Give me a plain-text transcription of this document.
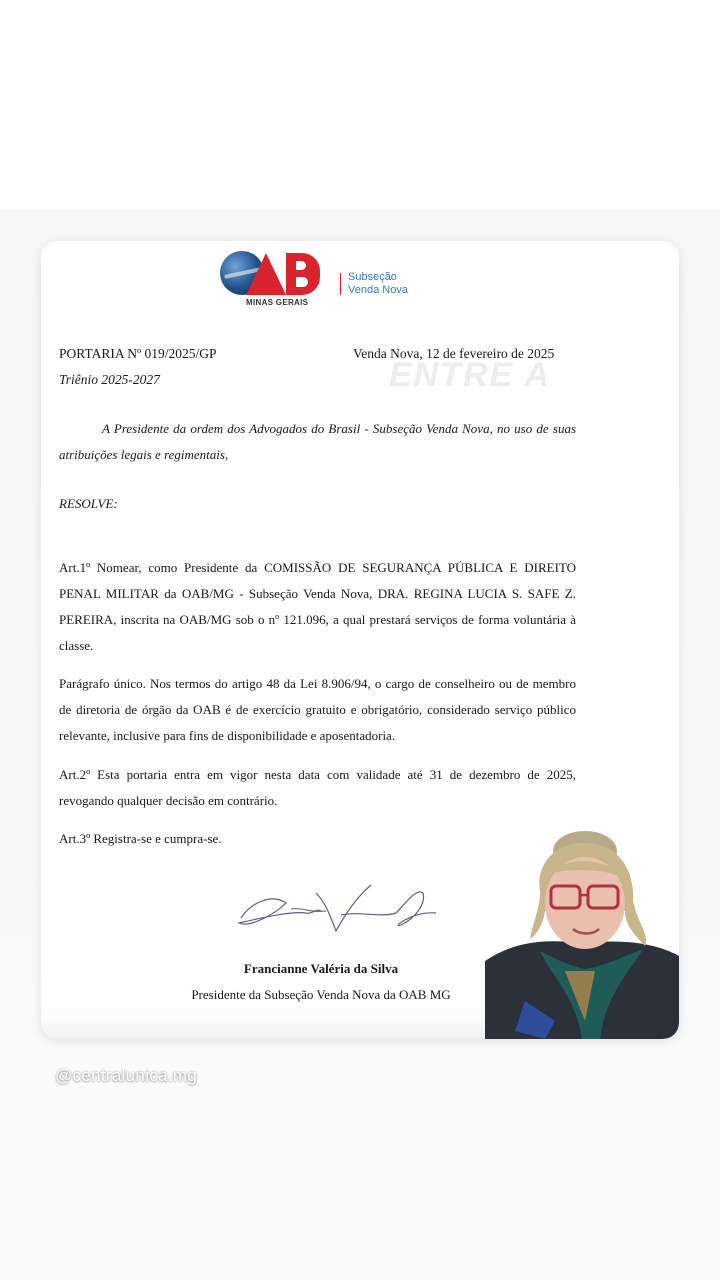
MINAS GERAIS
Subseção
Venda Nova
PORTARIA Nº 019/2025/GP
Triênio 2025-2027
Venda Nova, 12 de fevereiro de 2025
ENTRE A
A Presidente da ordem dos Advogados do Brasil - Subseção Venda Nova, no uso de suas atribuições legais e regimentais,
RESOLVE:
Art.1º Nomear, como Presidente da COMISSÃO DE SEGURANÇA PÚBLICA E DIREITO PENAL MILITAR da OAB/MG - Subseção Venda Nova, DRA. REGINA LUCIA S. SAFE Z. PEREIRA, inscrita na OAB/MG sob o nº 121.096, a qual prestará serviços de forma voluntária à classe.
Parágrafo único. Nos termos do artigo 48 da Lei 8.906/94, o cargo de conselheiro ou de membro de diretoria de órgão da OAB é de exercício gratuito e obrigatório, considerado serviço público relevante, inclusive para fins de disponibilidade e aposentadoria.
Art.2º Esta portaria entra em vigor nesta data com validade até 31 de dezembro de 2025, revogando qualquer decisão em contrário.
Art.3º Registra-se e cumpra-se.
Francianne Valéria da Silva
Presidente da Subseção Venda Nova da OAB MG
@centralunica.mg
